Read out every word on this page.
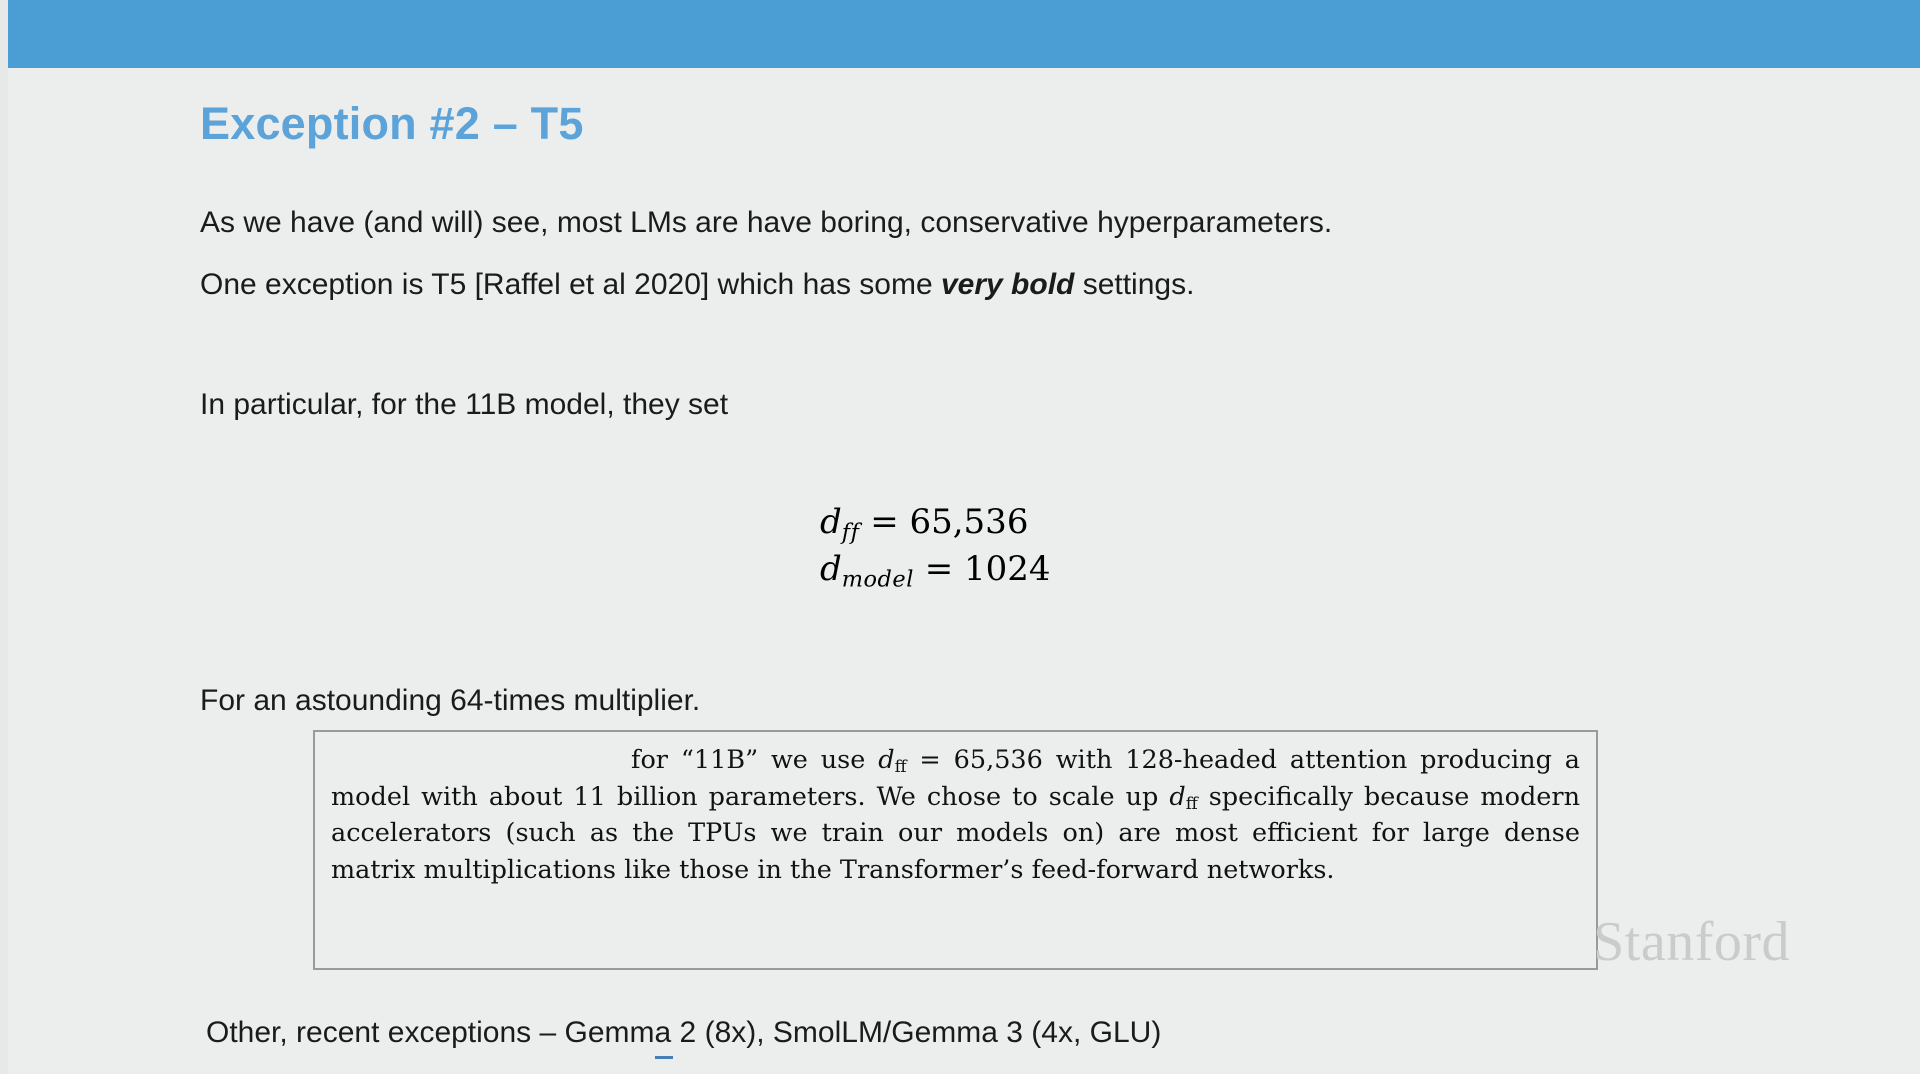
Exception #2 – T5
As we have (and will) see, most LMs are have boring, conservative hyperparameters.
One exception is T5 [Raffel et al 2020] which has some very bold settings.
In particular, for the 11B model, they set
dff = 65,536
dmodel = 1024
For an astounding 64-times multiplier.
for “11B” we use dff = 65,536 with 128-headed attention producing a model with about 11 billion parameters. We chose to scale up dff specifically because modern accelerators (such as the TPUs we train our models on) are most efficient for large dense matrix multiplications like those in the Transformer’s feed-forward networks.
Stanford
Other, recent exceptions – Gemma 2 (8x), SmolLM/Gemma 3 (4x, GLU)
